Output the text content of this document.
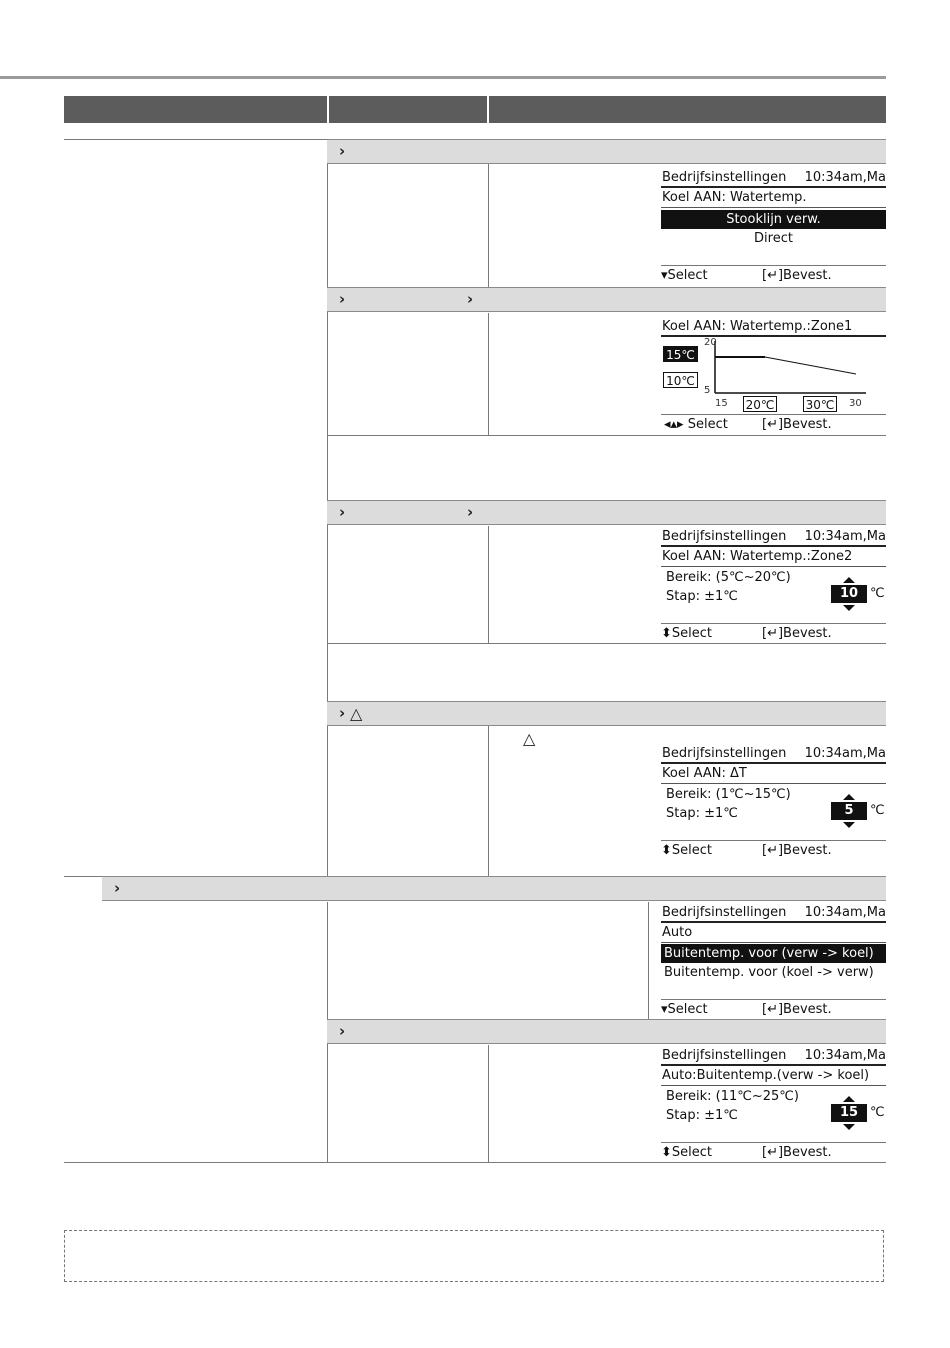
›
›	›
›	›
› △
△
›
›
Bedrijfsinstellingen 10:34am,Ma
Koel AAN: Watertemp.
Stooklijn verw.
Direct
▾Select	[↵]Bevest.
Koel AAN: Watertemp.:Zone1
20
5
15	30
15℃
10℃
20℃	30℃
◂▴▸ Select	[↵]Bevest.
Bedrijfsinstellingen 10:34am,Ma
Koel AAN: Watertemp.:Zone2
Bereik: (5℃~20℃)
Stap: ±1℃	10 ℃
⬍Select	[↵]Bevest.
Bedrijfsinstellingen 10:34am,Ma
Koel AAN: ΔT
Bereik: (1℃~15℃)
Stap: ±1℃	5	℃
⬍Select	[↵]Bevest.
Bedrijfsinstellingen 10:34am,Ma
Auto
Buitentemp. voor (verw -> koel)
Buitentemp. voor (koel -> verw)
▾Select	[↵]Bevest.
Bedrijfsinstellingen 10:34am,Ma
Auto:Buitentemp.(verw -> koel)
Bereik: (11℃~25℃)
Stap: ±1℃	15 ℃
⬍Select	[↵]Bevest.
